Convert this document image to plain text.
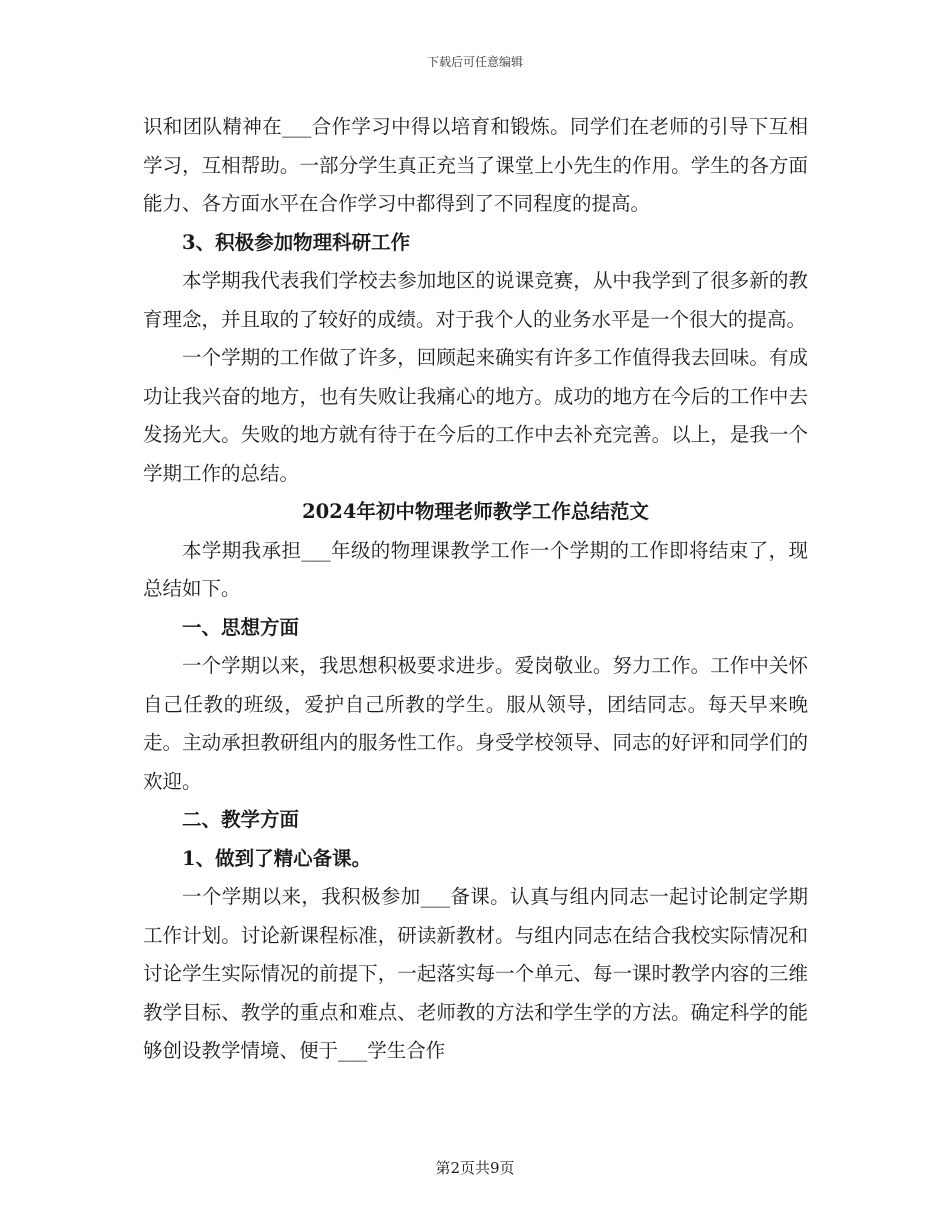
下载后可任意编辑

识和团队精神在___合作学习中得以培育和锻炼。同学们在老师的引导下互相学习，互相帮助。一部分学生真正充当了课堂上小先生的作用。学生的各方面能力、各方面水平在合作学习中都得到了不同程度的提高。

3、积极参加物理科研工作

本学期我代表我们学校去参加地区的说课竞赛，从中我学到了很多新的教育理念，并且取的了较好的成绩。对于我个人的业务水平是一个很大的提高。

一个学期的工作做了许多，回顾起来确实有许多工作值得我去回味。有成功让我兴奋的地方，也有失败让我痛心的地方。成功的地方在今后的工作中去发扬光大。失败的地方就有待于在今后的工作中去补充完善。以上，是我一个学期工作的总结。

2024年初中物理老师教学工作总结范文

本学期我承担___年级的物理课教学工作一个学期的工作即将结束了，现总结如下。

一、思想方面

一个学期以来，我思想积极要求进步。爱岗敬业。努力工作。工作中关怀自己任教的班级，爱护自己所教的学生。服从领导，团结同志。每天早来晚走。主动承担教研组内的服务性工作。身受学校领导、同志的好评和同学们的欢迎。

二、教学方面

1、做到了精心备课。

一个学期以来，我积极参加___备课。认真与组内同志一起讨论制定学期工作计划。讨论新课程标准，研读新教材。与组内同志在结合我校实际情况和讨论学生实际情况的前提下，一起落实每一个单元、每一课时教学内容的三维教学目标、教学的重点和难点、老师教的方法和学生学的方法。确定科学的能够创设教学情境、便于___学生合作

第2页共9页
